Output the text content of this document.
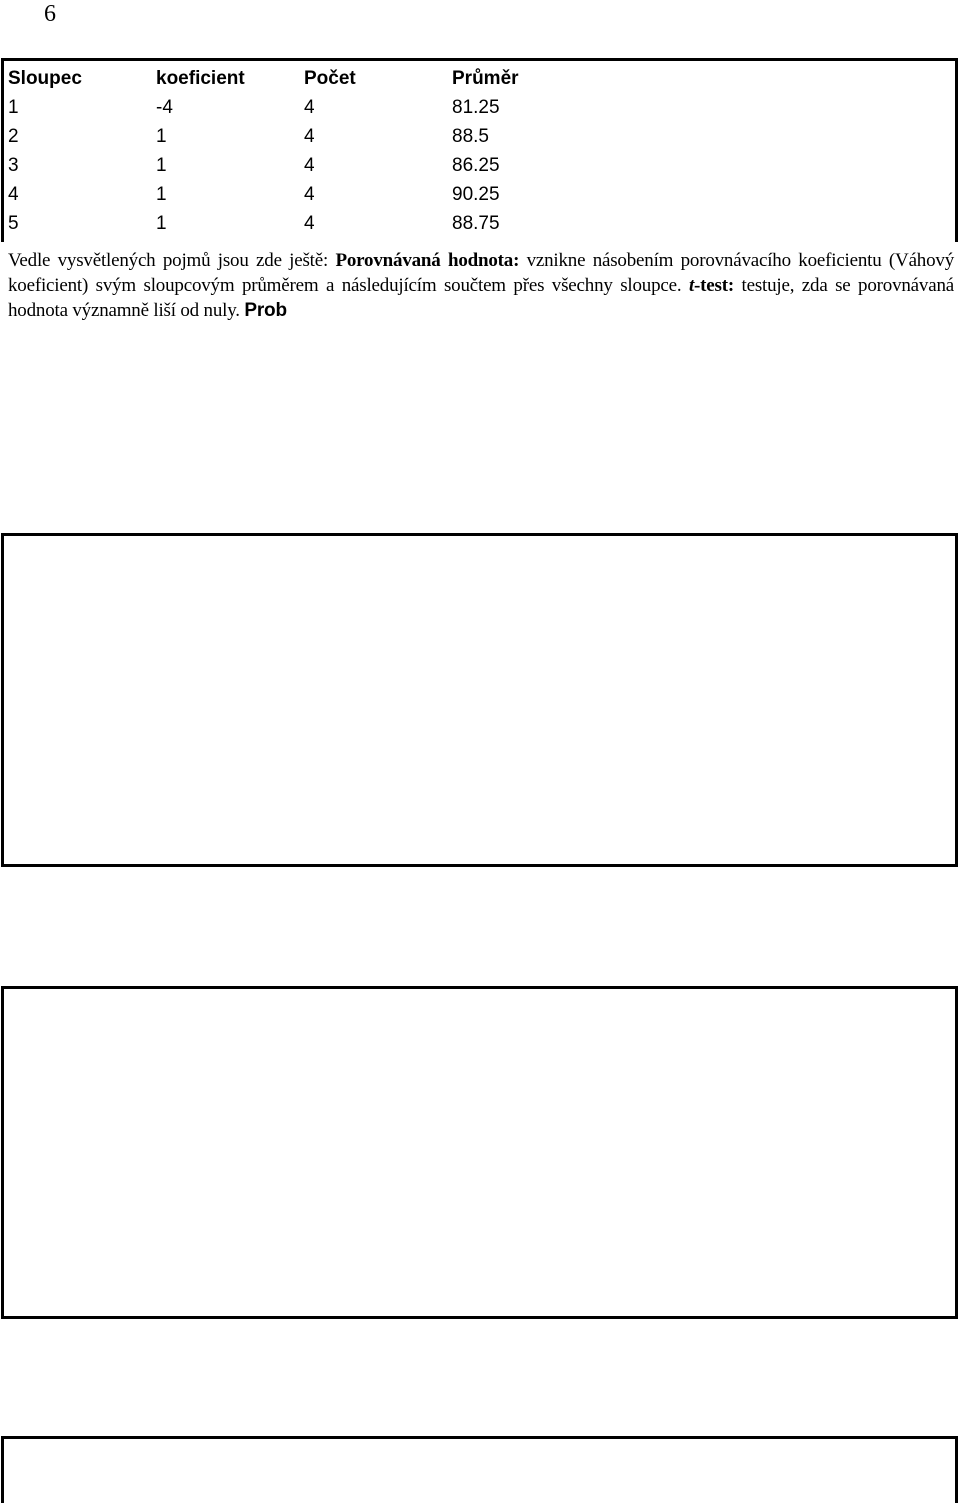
6
Sloupec	koeficient	Počet	Průměr
1	-4	4	81.25
2	1	4	88.5
3	1	4	86.25
4	1	4	90.25
5	1	4	88.75
Vedle vysvětlených pojmů jsou zde ještě: Porovnávaná hodnota: vznikne násobením porovnávacího koeficientu (Váhový koeficient) svým sloupcovým průměrem a následujícím součtem přes všechny sloupce. t-test: testuje, zda se porovnávaná hodnota významně liší od nuly. Prob
